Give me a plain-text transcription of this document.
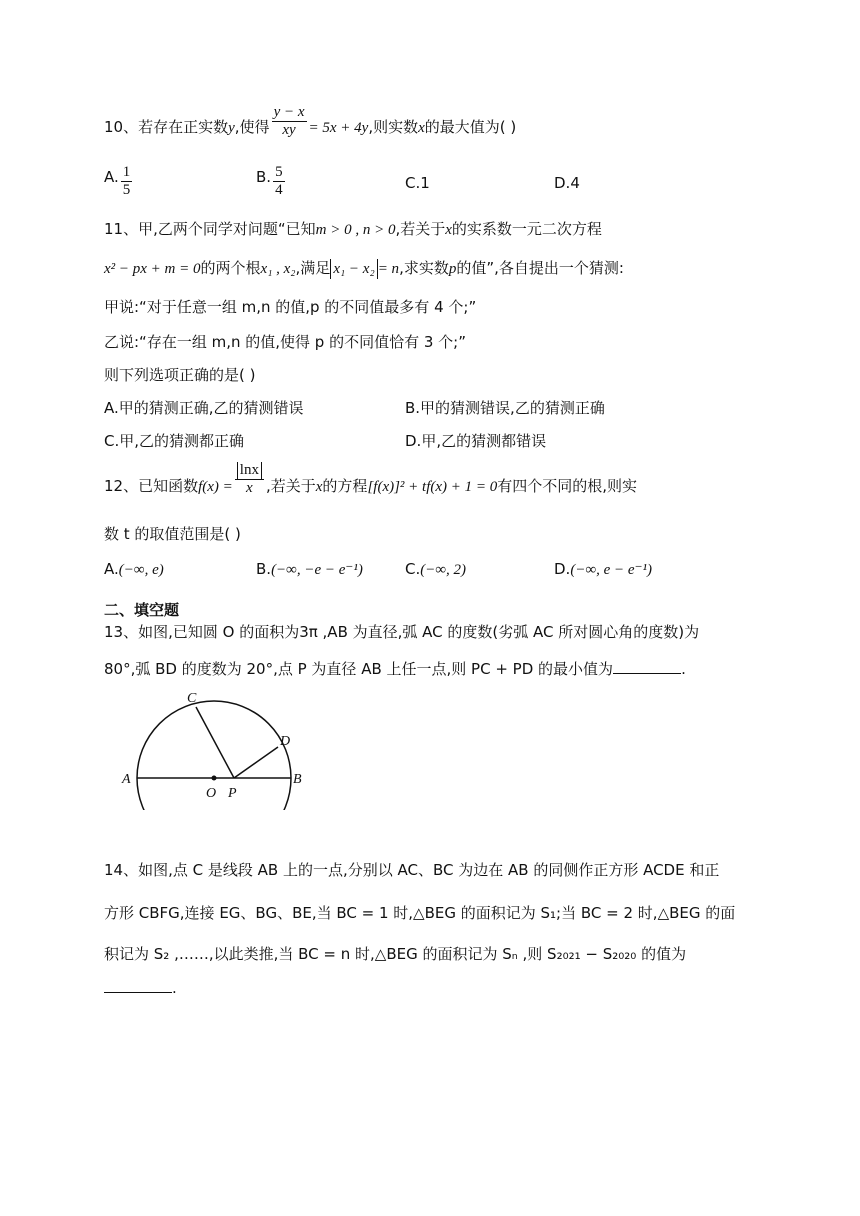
10、若存在正实数y,使得 $\frac{y - x}{xy} = 5x + 4y$,则实数x的最大值为( )
A. $\frac{1}{5}$	B. $\frac{5}{4}$	C.1	D.4
11、甲,乙两个同学对问题“已知m > 0 , n > 0,若关于x的实系数一元二次方程
x² − px + m = 0的两个根x₁ , x₂,满足 x₁ − x₂ = n,求实数p的值”,各自提出一个猜测:
甲说:“对于任意一组 m,n 的值,p 的不同值最多有 4 个;”
乙说:“存在一组 m,n 的值,使得 p 的不同值恰有 3 个;”
则下列选项正确的是( )
A.甲的猜测正确,乙的猜测错误	B.甲的猜测错误,乙的猜测正确
C.甲,乙的猜测都正确	D.甲,乙的猜测都错误
12、已知函数$f(x) = \frac{\ln x}{x}$ ,若关于x的方程[f(x)]² + tf(x) + 1 = 0有四个不同的根,则实
数 t 的取值范围是( )
A.(−∞, e)	B.(−∞, −e − e⁻¹)	C.(−∞, 2)	D.(−∞, e − e⁻¹)
二、填空题
13、如图,已知圆 O 的面积为3π ,AB 为直径,弧 AC 的度数(劣弧 AC 所对圆心角的度数)为
80°,弧 BD 的度数为 20°,点 P 为直径 AB 上任一点,则 PC + PD 的最小值为	.
A	B
C
D
O P
14、如图,点 C 是线段 AB 上的一点,分别以 AC、BC 为边在 AB 的同侧作正方形 ACDE 和正
方形 CBFG,连接 EG、BG、BE,当 BC = 1 时,△BEG 的面积记为 S₁;当 BC = 2 时,△BEG 的面
积记为 S₂ ,……,以此类推,当 BC = n 时,△BEG 的面积记为 Sₙ ,则 S₂₀₂₁ − S₂₀₂₀ 的值为
.
